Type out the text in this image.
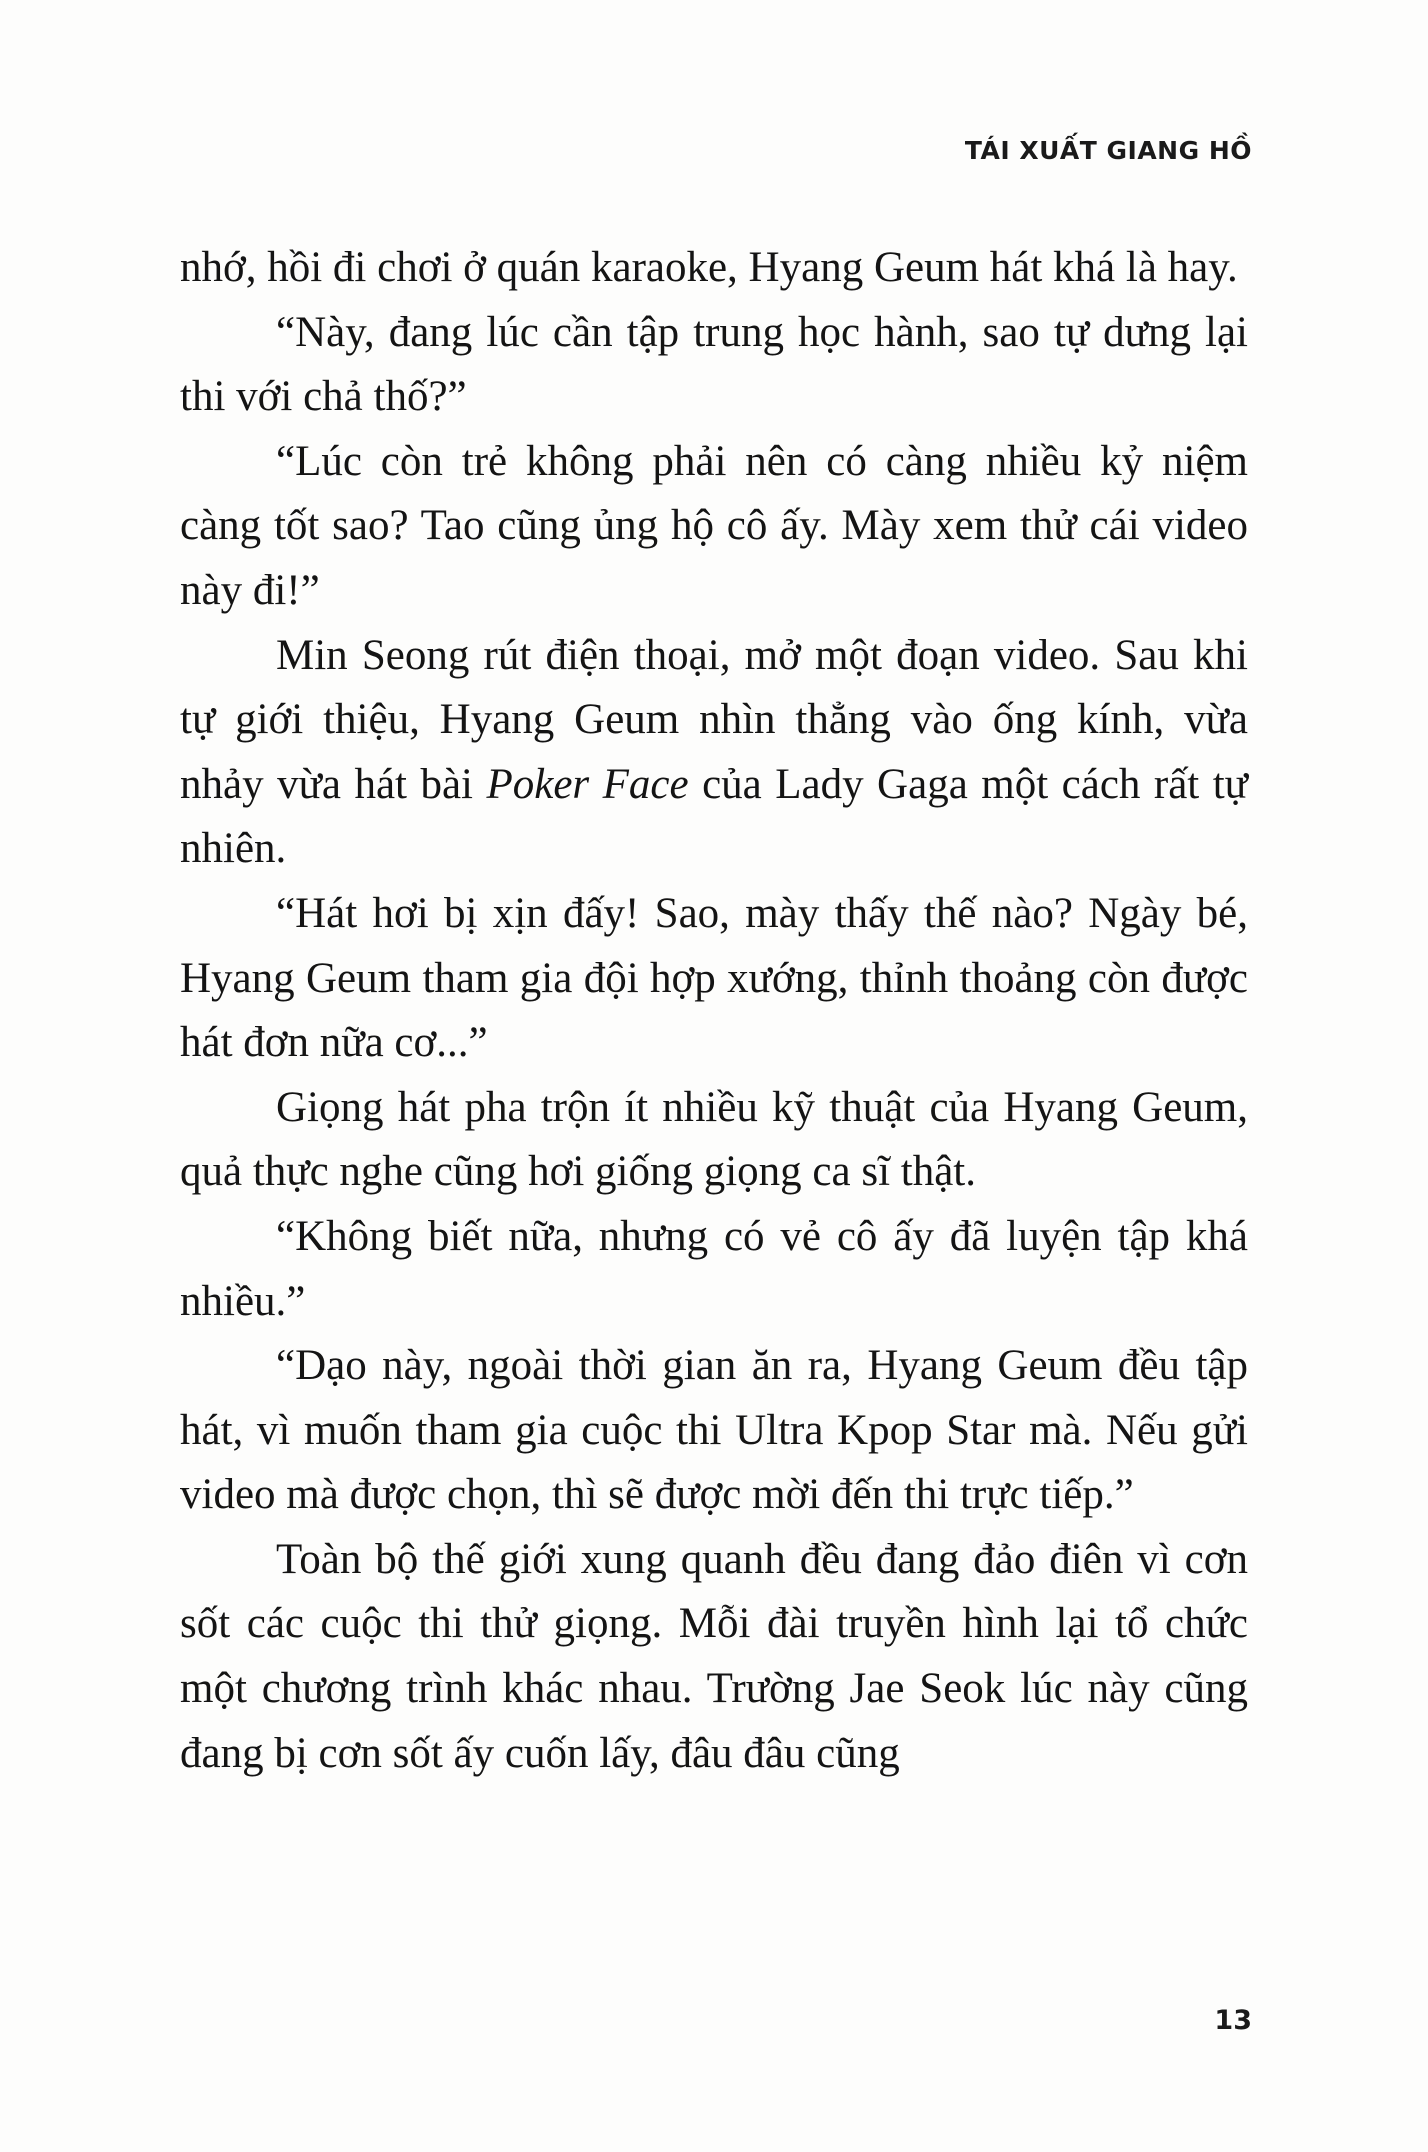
TÁI XUẤT GIANG HỒ

nhớ, hồi đi chơi ở quán karaoke, Hyang Geum hát khá là hay.

“Này, đang lúc cần tập trung học hành, sao tự dưng lại thi với chả thố?”

“Lúc còn trẻ không phải nên có càng nhiều kỷ niệm càng tốt sao? Tao cũng ủng hộ cô ấy. Mày xem thử cái video này đi!”

Min Seong rút điện thoại, mở một đoạn video. Sau khi tự giới thiệu, Hyang Geum nhìn thẳng vào ống kính, vừa nhảy vừa hát bài Poker Face của Lady Gaga một cách rất tự nhiên.

“Hát hơi bị xịn đấy! Sao, mày thấy thế nào? Ngày bé, Hyang Geum tham gia đội hợp xướng, thỉnh thoảng còn được hát đơn nữa cơ...”

Giọng hát pha trộn ít nhiều kỹ thuật của Hyang Geum, quả thực nghe cũng hơi giống giọng ca sĩ thật.

“Không biết nữa, nhưng có vẻ cô ấy đã luyện tập khá nhiều.”

“Dạo này, ngoài thời gian ăn ra, Hyang Geum đều tập hát, vì muốn tham gia cuộc thi Ultra Kpop Star mà. Nếu gửi video mà được chọn, thì sẽ được mời đến thi trực tiếp.”

Toàn bộ thế giới xung quanh đều đang đảo điên vì cơn sốt các cuộc thi thử giọng. Mỗi đài truyền hình lại tổ chức một chương trình khác nhau. Trường Jae Seok lúc này cũng đang bị cơn sốt ấy cuốn lấy, đâu đâu cũng

13
